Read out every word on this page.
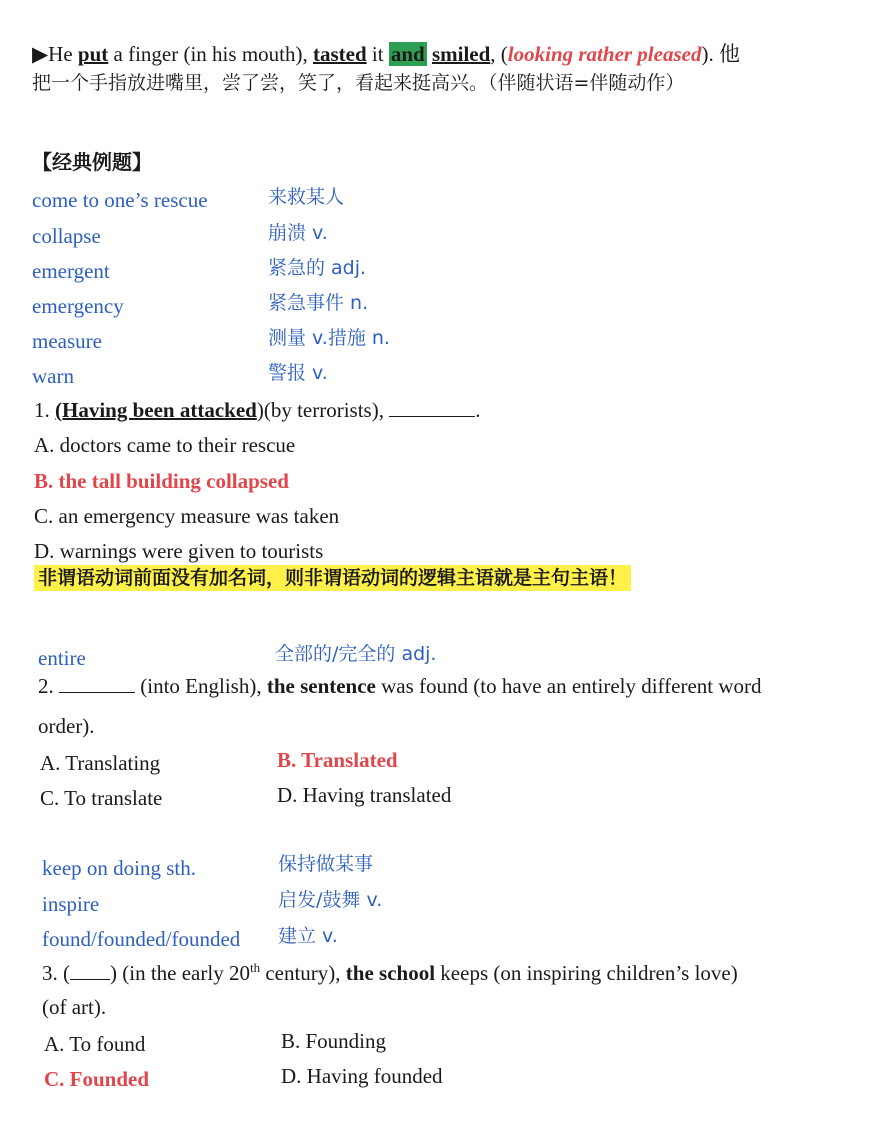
▶He put a finger (in his mouth), tasted it and smiled, (looking rather pleased). 他
把一个手指放进嘴里，尝了尝，笑了，看起来挺高兴。（伴随状语=伴随动作）
【经典例题】
come to one’s rescue	来救某人
collapse	崩溃 v.
emergent	紧急的 adj.
emergency	紧急事件 n.
measure	测量 v.措施 n.
warn	警报 v.
1. (Having been attacked)(by terrorists),	.
A. doctors came to their rescue
B. the tall building collapsed
C. an emergency measure was taken
D. warnings were given to tourists
非谓语动词前面没有加名词，则非谓语动词的逻辑主语就是主句主语！
entire	全部的/完全的 adj.
2.	(into English), the sentence was found (to have an entirely different word
order).
A. Translating	B. Translated
C. To translate	D. Having translated
keep on doing sth.	保持做某事
inspire	启发/鼓舞 v.
found/founded/founded 建立 v.
3. ( ) (in the early 20th century), the school keeps (on inspiring children’s love)
(of art).
A. To found	B. Founding
C. Founded	D. Having founded
